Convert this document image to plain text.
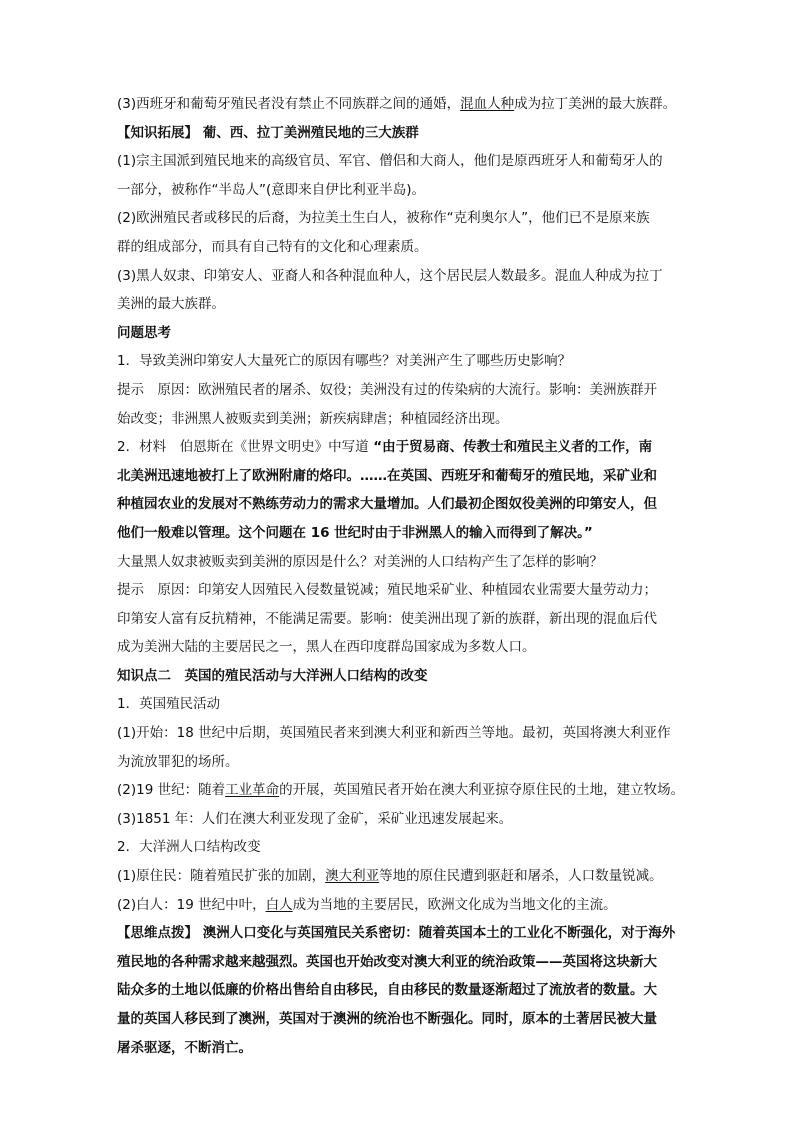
(3)西班牙和葡萄牙殖民者没有禁止不同族群之间的通婚，混血人种成为拉丁美洲的最大族群。
【知识拓展】 葡、西、拉丁美洲殖民地的三大族群
(1)宗主国派到殖民地来的高级官员、军官、僧侣和大商人，他们是原西班牙人和葡萄牙人的
一部分，被称作“半岛人”(意即来自伊比利亚半岛)。
(2)欧洲殖民者或移民的后裔，为拉美土生白人，被称作“克利奥尔人”，他们已不是原来族
群的组成部分，而具有自己特有的文化和心理素质。
(3)黑人奴隶、印第安人、亚裔人和各种混血种人，这个居民层人数最多。混血人种成为拉丁
美洲的最大族群。
问题思考
1．导致美洲印第安人大量死亡的原因有哪些？对美洲产生了哪些历史影响？
提示　原因：欧洲殖民者的屠杀、奴役；美洲没有过的传染病的大流行。影响：美洲族群开
始改变；非洲黑人被贩卖到美洲；新疾病肆虐；种植园经济出现。
2．材料　伯恩斯在《世界文明史》中写道 “由于贸易商、传教士和殖民主义者的工作，南
北美洲迅速地被打上了欧洲附庸的烙印。……在英国、西班牙和葡萄牙的殖民地，采矿业和
种植园农业的发展对不熟练劳动力的需求大量增加。人们最初企图奴役美洲的印第安人，但
他们一般难以管理。这个问题在 16 世纪时由于非洲黑人的输入而得到了解决。”
大量黑人奴隶被贩卖到美洲的原因是什么？对美洲的人口结构产生了怎样的影响？
提示　原因：印第安人因殖民入侵数量锐减；殖民地采矿业、种植园农业需要大量劳动力；
印第安人富有反抗精神，不能满足需要。影响：使美洲出现了新的族群，新出现的混血后代
成为美洲大陆的主要居民之一，黑人在西印度群岛国家成为多数人口。
知识点二　英国的殖民活动与大洋洲人口结构的改变
1．英国殖民活动
(1)开始：18 世纪中后期，英国殖民者来到澳大利亚和新西兰等地。最初，英国将澳大利亚作
为流放罪犯的场所。
(2)19 世纪：随着工业革命的开展，英国殖民者开始在澳大利亚掠夺原住民的土地，建立牧场。
(3)1851 年：人们在澳大利亚发现了金矿，采矿业迅速发展起来。
2．大洋洲人口结构改变
(1)原住民：随着殖民扩张的加剧，澳大利亚等地的原住民遭到驱赶和屠杀，人口数量锐减。
(2)白人：19 世纪中叶，白人成为当地的主要居民，欧洲文化成为当地文化的主流。
【思维点拨】 澳洲人口变化与英国殖民关系密切：随着英国本土的工业化不断强化，对于海外
殖民地的各种需求越来越强烈。英国也开始改变对澳大利亚的统治政策——英国将这块新大
陆众多的土地以低廉的价格出售给自由移民，自由移民的数量逐渐超过了流放者的数量。大
量的英国人移民到了澳洲，英国对于澳洲的统治也不断强化。同时，原本的土著居民被大量
屠杀驱逐，不断消亡。
